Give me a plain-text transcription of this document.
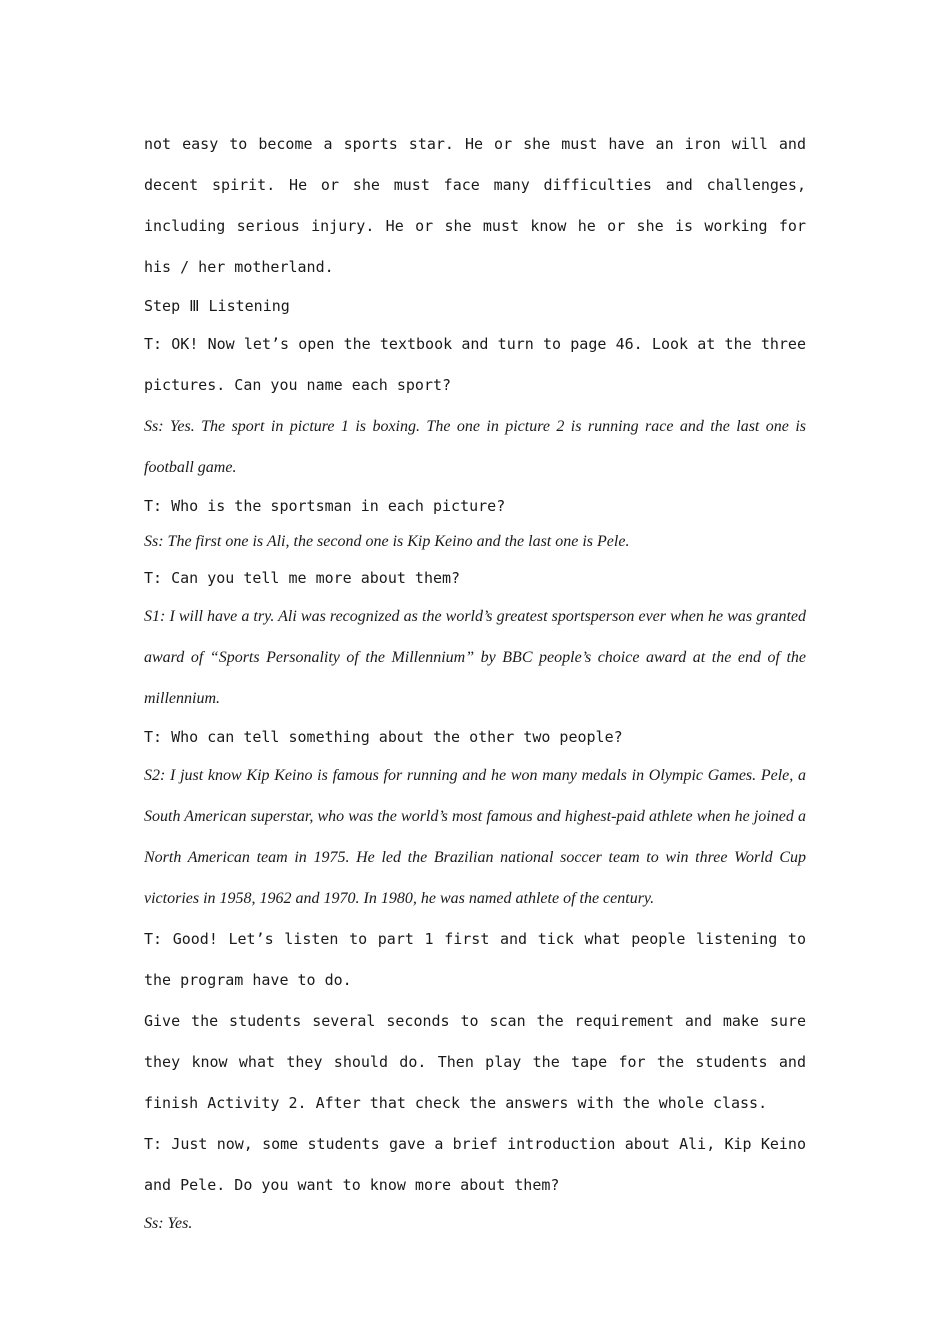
not easy to become a sports star. He or she must have an iron will and decent spirit. He or she must face many difficulties and challenges, including serious injury. He or she must know he or she is working for his / her motherland.

Step Ⅲ Listening

T: OK! Now let’s open the textbook and turn to page 46. Look at the three pictures. Can you name each sport?

Ss: Yes. The sport in picture 1 is boxing. The one in picture 2 is running race and the last one is football game.

T: Who is the sportsman in each picture?

Ss: The first one is Ali, the second one is Kip Keino and the last one is Pele.

T: Can you tell me more about them?

S1: I will have a try. Ali was recognized as the world’s greatest sportsperson ever when he was granted award of “Sports Personality of the Millennium” by BBC people’s choice award at the end of the millennium.

T: Who can tell something about the other two people?

S2: I just know Kip Keino is famous for running and he won many medals in Olympic Games. Pele, a South American superstar, who was the world’s most famous and highest-paid athlete when he joined a North American team in 1975. He led the Brazilian national soccer team to win three World Cup victories in 1958, 1962 and 1970. In 1980, he was named athlete of the century.

T: Good! Let’s listen to part 1 first and tick what people listening to the program have to do.

Give the students several seconds to scan the requirement and make sure they know what they should do. Then play the tape for the students and finish Activity 2. After that check the answers with the whole class.

T: Just now, some students gave a brief introduction about Ali, Kip Keino and Pele. Do you want to know more about them?

Ss: Yes.
